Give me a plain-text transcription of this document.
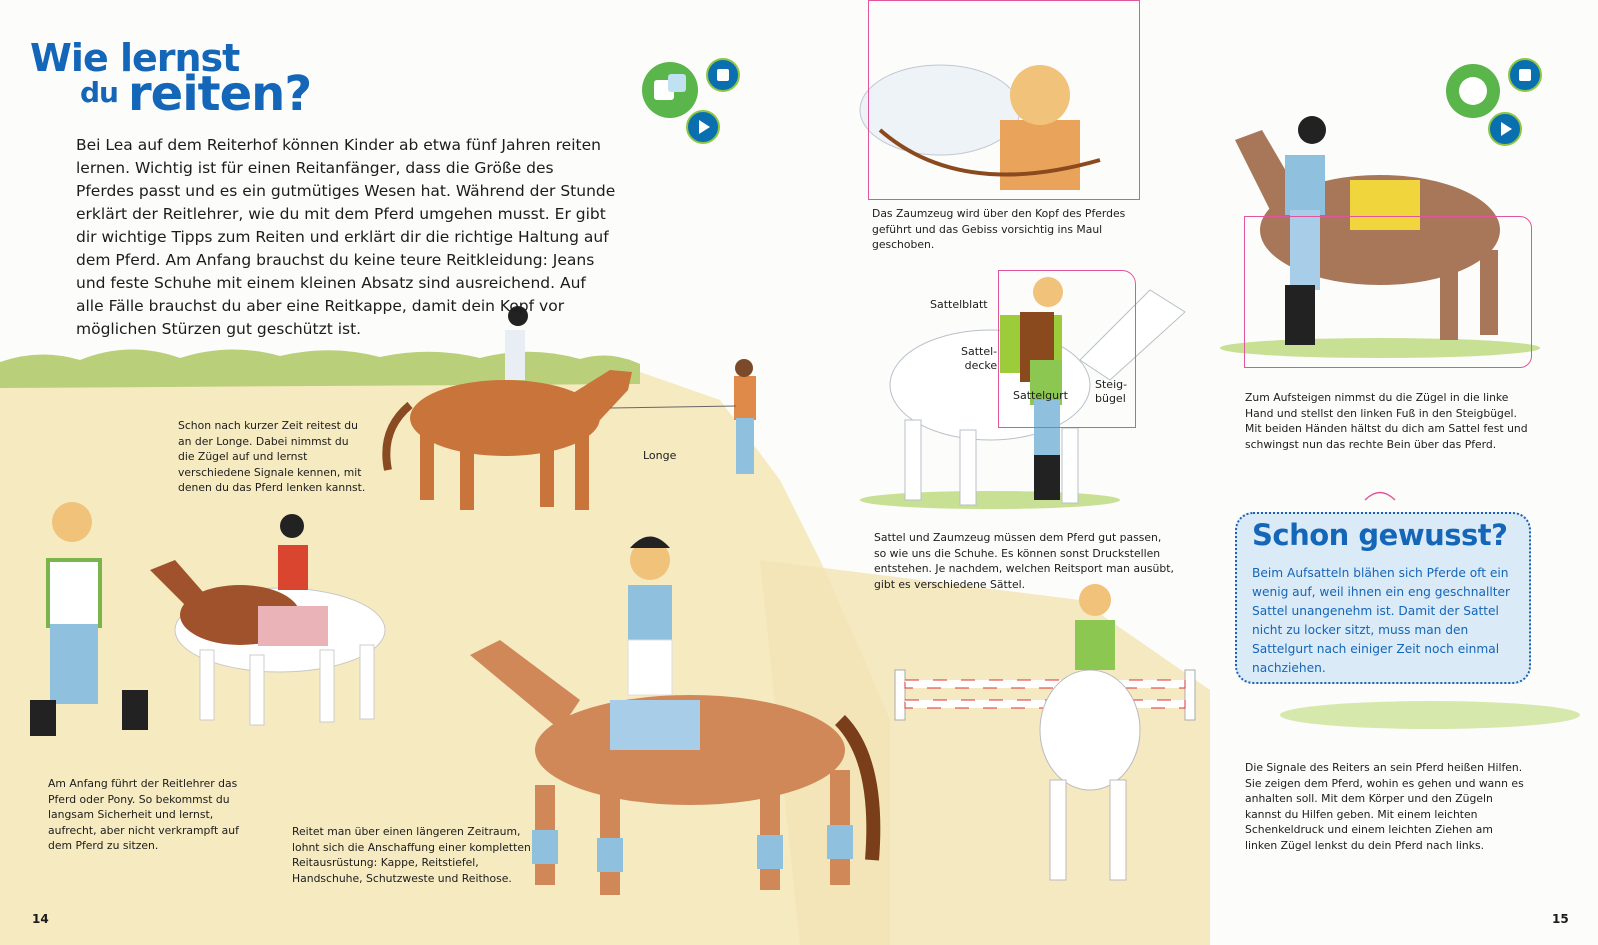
Wie lernst
du reiten?
Bei Lea auf dem Reiterhof können Kinder ab etwa fünf Jahren reiten lernen. Wichtig ist für einen Reitanfänger, dass die Größe des Pferdes passt und es ein gutmütiges Wesen hat. Während der Stunde erklärt der Reitlehrer, wie du mit dem Pferd umgehen musst. Er gibt dir wichtige Tipps zum Reiten und erklärt dir die richtige Haltung auf dem Pferd. Am Anfang brauchst du keine teure Reitkleidung: Jeans und feste Schuhe mit einem kleinen Absatz sind ausreichend. Auf alle Fälle brauchst du aber eine Reitkappe, damit dein Kopf vor möglichen Stürzen gut geschützt ist.
Schon nach kurzer Zeit reitest du an der Longe. Dabei nimmst du die Zügel auf und lernst verschiedene Signale kennen, mit denen du das Pferd lenken kannst.
Am Anfang führt der Reitlehrer das Pferd oder Pony. So bekommst du langsam Sicherheit und lernst, aufrecht, aber nicht verkrampft auf dem Pferd zu sitzen.
Reitet man über einen längeren Zeitraum, lohnt sich die Anschaffung einer kompletten Reitausrüstung: Kappe, Reitstiefel, Handschuhe, Schutzweste und Reithose.
Das Zaumzeug wird über den Kopf des Pferdes geführt und das Gebiss vorsichtig ins Maul geschoben.
Sattel und Zaumzeug müssen dem Pferd gut passen, so wie uns die Schuhe. Es können sonst Druckstellen entstehen. Je nachdem, welchen Reitsport man ausübt, gibt es verschiedene Sättel.
Zum Aufsteigen nimmst du die Zügel in die linke Hand und stellst den linken Fuß in den Steigbügel. Mit beiden Händen hältst du dich am Sattel fest und schwingst nun das rechte Bein über das Pferd.
Die Signale des Reiters an sein Pferd heißen Hilfen. Sie zeigen dem Pferd, wohin es gehen und wann es anhalten soll. Mit dem Körper und den Zügeln kannst du Hilfen geben. Mit einem leichten Schenkeldruck und einem leichten Ziehen am linken Zügel lenkst du dein Pferd nach links.
Longe
Sattelblatt
Sattel-
decke
Sattelgurt
Steig-
bügel
Schon gewusst?
Beim Aufsatteln blähen sich Pferde oft ein wenig auf, weil ihnen ein eng geschnallter Sattel unangenehm ist. Damit der Sattel nicht zu locker sitzt, muss man den Sattelgurt nach einiger Zeit noch einmal nachziehen.
14	15
